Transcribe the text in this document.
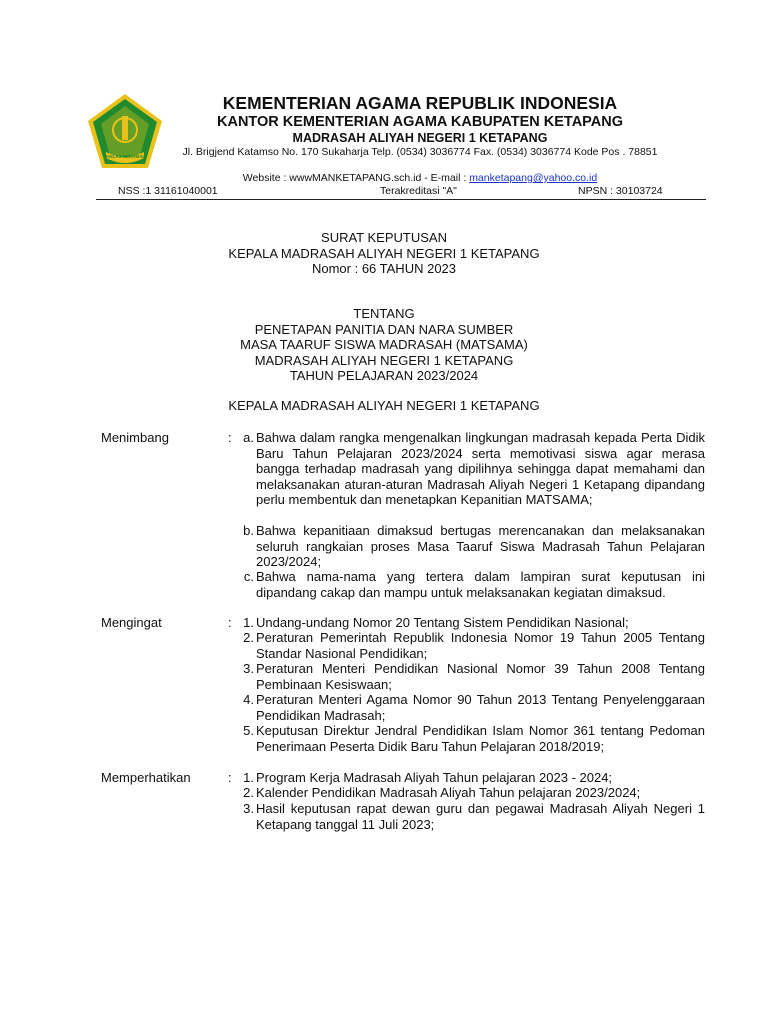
IKHLAS BERAMAL
KEMENTERIAN AGAMA REPUBLIK INDONESIA
KANTOR KEMENTERIAN AGAMA KABUPATEN KETAPANG
MADRASAH ALIYAH NEGERI 1 KETAPANG
Jl. Brigjend Katamso No. 170 Sukaharja Telp. (0534) 3036774 Fax. (0534) 3036774 Kode Pos . 78851
Website : wwwMANKETAPANG.sch.id - E-mail : manketapang@yahoo.co.id
NSS :1 31161040001	Terakreditasi "A"	NPSN : 30103724
SURAT KEPUTUSAN
KEPALA MADRASAH ALIYAH NEGERI 1 KETAPANG
Nomor : 66 TAHUN 2023
TENTANG
PENETAPAN PANITIA DAN NARA SUMBER
MASA TAARUF SISWA MADRASAH (MATSAMA)
MADRASAH ALIYAH NEGERI 1 KETAPANG
TAHUN PELAJARAN 2023/2024
KEPALA MADRASAH ALIYAH NEGERI 1 KETAPANG
Menimbang	: a. Bahwa dalam rangka mengenalkan lingkungan madrasah kepada Perta Didik Baru Tahun Pelajaran 2023/2024 serta memotivasi siswa agar merasa bangga terhadap madrasah yang dipilihnya sehingga dapat memahami dan melaksanakan aturan-aturan Madrasah Aliyah Negeri 1 Ketapang dipandang perlu membentuk dan menetapkan Kepanitian MATSAMA;
b. Bahwa kepanitiaan dimaksud bertugas merencanakan dan melaksanakan seluruh rangkaian proses Masa Taaruf Siswa Madrasah Tahun Pelajaran 2023/2024;
c. Bahwa nama-nama yang tertera dalam lampiran surat keputusan ini dipandang cakap dan mampu untuk melaksanakan kegiatan dimaksud.
Mengingat	: 1. Undang-undang Nomor 20 Tentang Sistem Pendidikan Nasional;
2. Peraturan Pemerintah Republik Indonesia Nomor 19 Tahun 2005 Tentang Standar Nasional Pendidikan;
3. Peraturan Menteri Pendidikan Nasional Nomor 39 Tahun 2008 Tentang Pembinaan Kesiswaan;
4. Peraturan Menteri Agama Nomor 90 Tahun 2013 Tentang Penyelenggaraan Pendidikan Madrasah;
5. Keputusan Direktur Jendral Pendidikan Islam Nomor 361 tentang Pedoman Penerimaan Peserta Didik Baru Tahun Pelajaran 2018/2019;
Memperhatikan	: 1. Program Kerja Madrasah Aliyah Tahun pelajaran 2023 - 2024;
2. Kalender Pendidikan Madrasah Aliyah Tahun pelajaran 2023/2024;
3. Hasil keputusan rapat dewan guru dan pegawai Madrasah Aliyah Negeri 1 Ketapang tanggal 11 Juli 2023;
